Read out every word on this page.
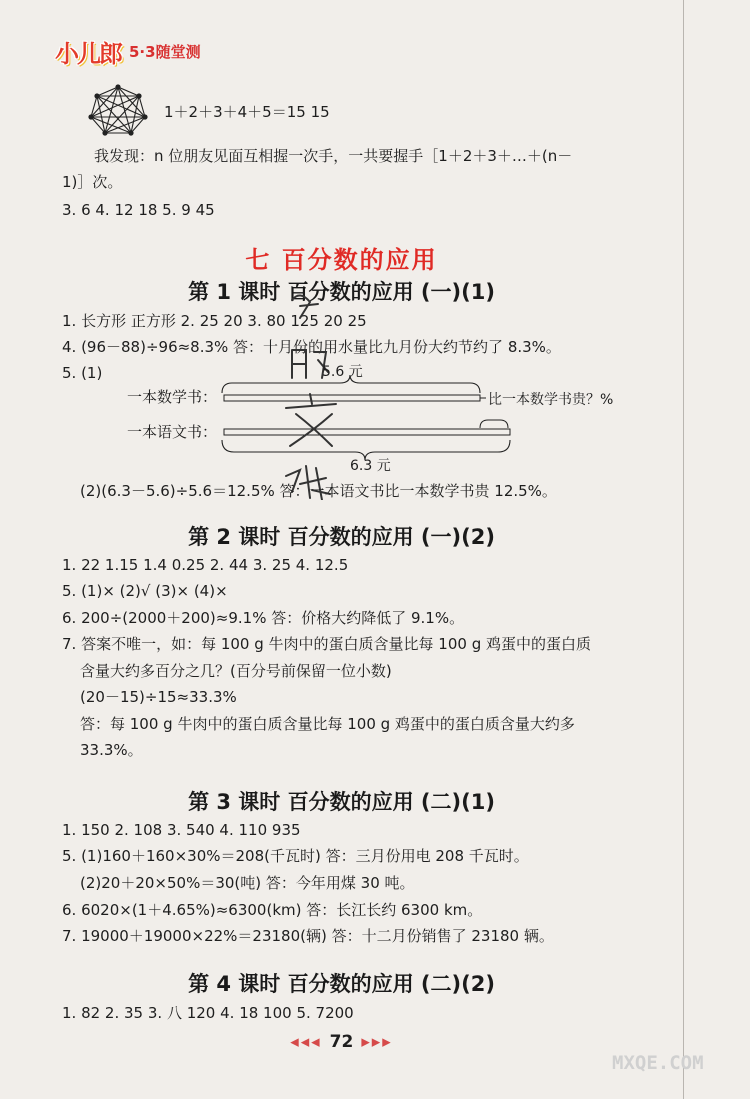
小儿郎 5·3随堂测
1＋2＋3＋4＋5＝15 15
我发现：n 位朋友见面互相握一次手，一共要握手［1＋2＋3＋…＋(n－
1)］次。
3. 6 4. 12 18 5. 9 45
七 百分数的应用
第 1 课时 百分数的应用 (一)(1)
1. 长方形 正方形 2. 25 20 3. 80 125 20 25
4. (96－88)÷96≈8.3% 答：十月份的用水量比九月份大约节约了 8.3%。
5. (1)	5.6 元
一本数学书：	比一本数学书贵？%
一本语文书：
6.3 元
(2)(6.3－5.6)÷5.6＝12.5% 答：一本语文书比一本数学书贵 12.5%。
第 2 课时 百分数的应用 (一)(2)
1. 22 1.15 1.4 0.25 2. 44 3. 25 4. 12.5
5. (1)× (2)√ (3)× (4)×
6. 200÷(2000＋200)≈9.1% 答：价格大约降低了 9.1%。
7. 答案不唯一，如：每 100 g 牛肉中的蛋白质含量比每 100 g 鸡蛋中的蛋白质
含量大约多百分之几？(百分号前保留一位小数)
(20－15)÷15≈33.3%
答：每 100 g 牛肉中的蛋白质含量比每 100 g 鸡蛋中的蛋白质含量大约多
33.3%。
第 3 课时 百分数的应用 (二)(1)
1. 150 2. 108 3. 540 4. 110 935
5. (1)160＋160×30%＝208(千瓦时) 答：三月份用电 208 千瓦时。
(2)20＋20×50%＝30(吨) 答：今年用煤 30 吨。
6. 6020×(1＋4.65%)≈6300(km) 答：长江长约 6300 km。
7. 19000＋19000×22%＝23180(辆) 答：十二月份销售了 23180 辆。
第 4 课时 百分数的应用 (二)(2)
1. 82 2. 35 3. 八 120 4. 18 100 5. 7200
◀◀◀ 72 ▶▶▶
MXQE.COM
